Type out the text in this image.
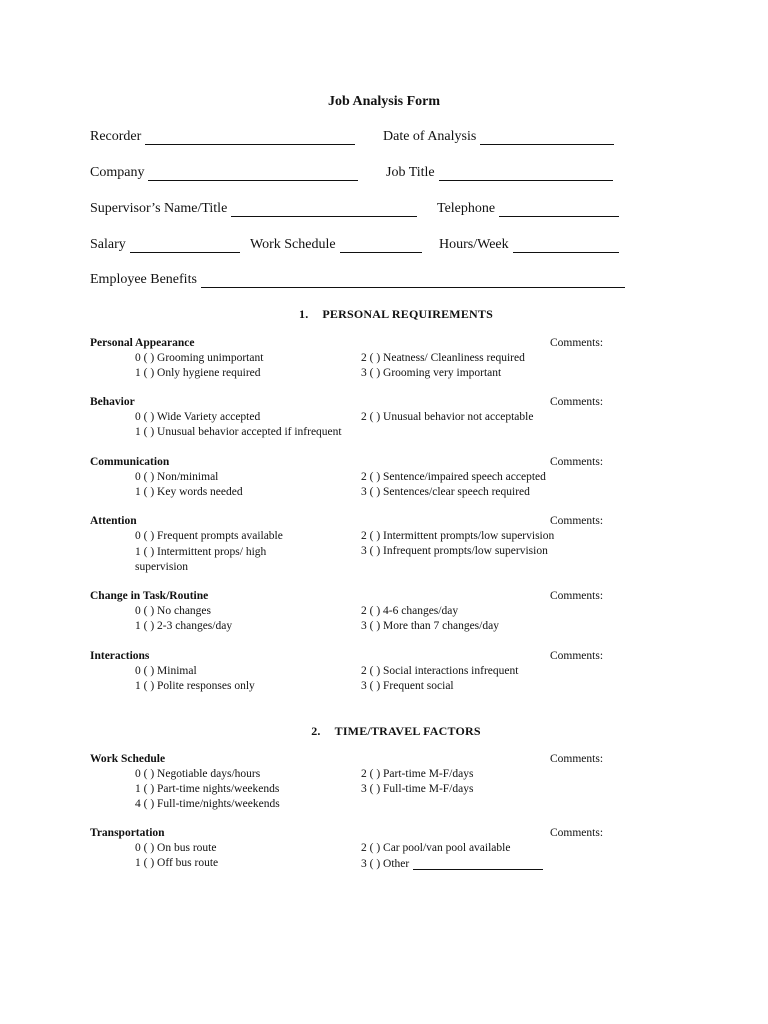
Job Analysis Form
Recorder	Date of Analysis
Company	Job Title
Supervisor’s Name/Title	Telephone
Salary	Work Schedule	Hours/Week
Employee Benefits
1. PERSONAL REQUIREMENTS
Personal Appearance	Comments:
0 ( ) Grooming unimportant
1 ( ) Only hygiene required
2 ( ) Neatness/ Cleanliness required
3 ( ) Grooming very important
Behavior	Comments:
0 ( ) Wide Variety accepted
1 ( ) Unusual behavior accepted if infrequent
2 ( ) Unusual behavior not acceptable
Communication	Comments:
0 ( ) Non/minimal
1 ( ) Key words needed
2 ( ) Sentence/impaired speech accepted
3 ( ) Sentences/clear speech required
Attention	Comments:
0 ( ) Frequent prompts available
1 ( ) Intermittent props/ high supervision
2 ( ) Intermittent prompts/low supervision
3 ( ) Infrequent prompts/low supervision
Change in Task/Routine	Comments:
0 ( ) No changes
1 ( ) 2-3 changes/day
2 ( ) 4-6 changes/day
3 ( ) More than 7 changes/day
Interactions	Comments:
0 ( ) Minimal
1 ( ) Polite responses only
2 ( ) Social interactions infrequent
3 ( ) Frequent social
2. TIME/TRAVEL FACTORS
Work Schedule	Comments:
0 ( ) Negotiable days/hours
1 ( ) Part-time nights/weekends
4 ( ) Full-time/nights/weekends
2 ( ) Part-time M-F/days
3 ( ) Full-time M-F/days
Transportation	Comments:
0 ( ) On bus route
1 ( ) Off bus route
2 ( ) Car pool/van pool available
3 ( ) Other
